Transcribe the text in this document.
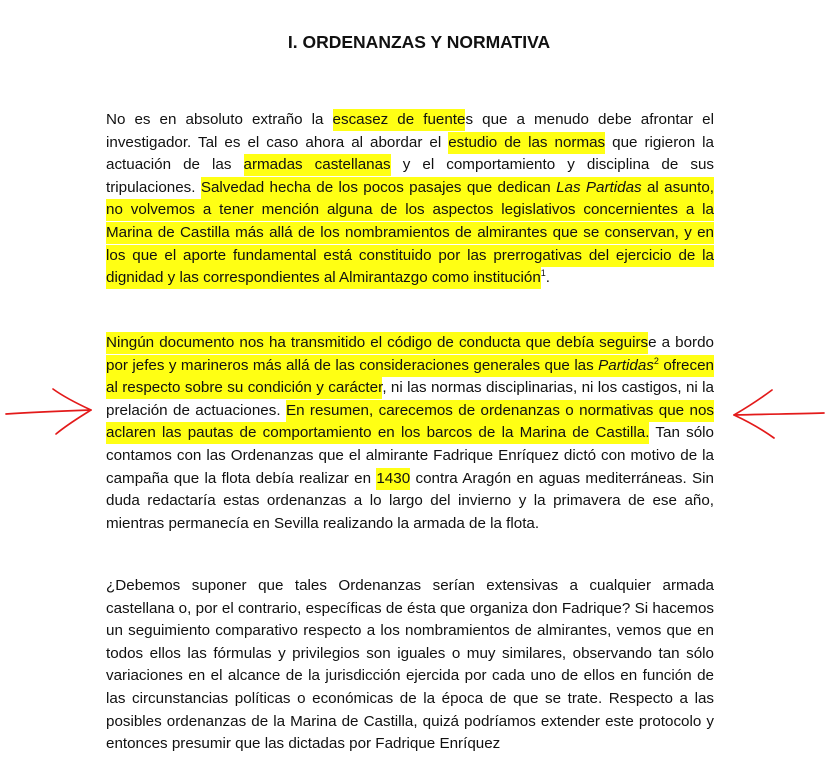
I. ORDENANZAS Y NORMATIVA

No es en absoluto extraño la escasez de fuentes que a menudo debe afrontar el investigador. Tal es el caso ahora al abordar el estudio de las normas que rigieron la actuación de las armadas castellanas y el comportamiento y disciplina de sus tripulaciones. Salvedad hecha de los pocos pasajes que dedican Las Partidas al asunto, no volvemos a tener mención alguna de los aspectos legislativos concernientes a la Marina de Castilla más allá de los nombramientos de almirantes que se conservan, y en los que el aporte fundamental está constituido por las prerrogativas del ejercicio de la dignidad y las correspondientes al Almirantazgo como institución$^1$.

Ningún documento nos ha transmitido el código de conducta que debía seguirse a bordo por jefes y marineros más allá de las consideraciones generales que las Partidas$^2$ ofrecen al respecto sobre su condición y carácter, ni las normas disciplinarias, ni los castigos, ni la prelación de actuaciones. En resumen, carecemos de ordenanzas o normativas que nos aclaren las pautas de comportamiento en los barcos de la Marina de Castilla. Tan sólo contamos con las Ordenanzas que el almirante Fadrique Enríquez dictó con motivo de la campaña que la flota debía realizar en 1430 contra Aragón en aguas mediterráneas. Sin duda redactaría estas ordenanzas a lo largo del invierno y la primavera de ese año, mientras permanecía en Sevilla realizando la armada de la flota.

¿Debemos suponer que tales Ordenanzas serían extensivas a cualquier armada castellana o, por el contrario, específicas de ésta que organiza don Fadrique? Si hacemos un seguimiento comparativo respecto a los nombramientos de almirantes, vemos que en todos ellos las fórmulas y privilegios son iguales o muy similares, observando tan sólo variaciones en el alcance de la jurisdicción ejercida por cada uno de ellos en función de las circunstancias políticas o económicas de la época de que se trate. Respecto a las posibles ordenanzas de la Marina de Castilla, quizá podríamos extender este protocolo y entonces presumir que las dictadas por Fadrique Enríquez
